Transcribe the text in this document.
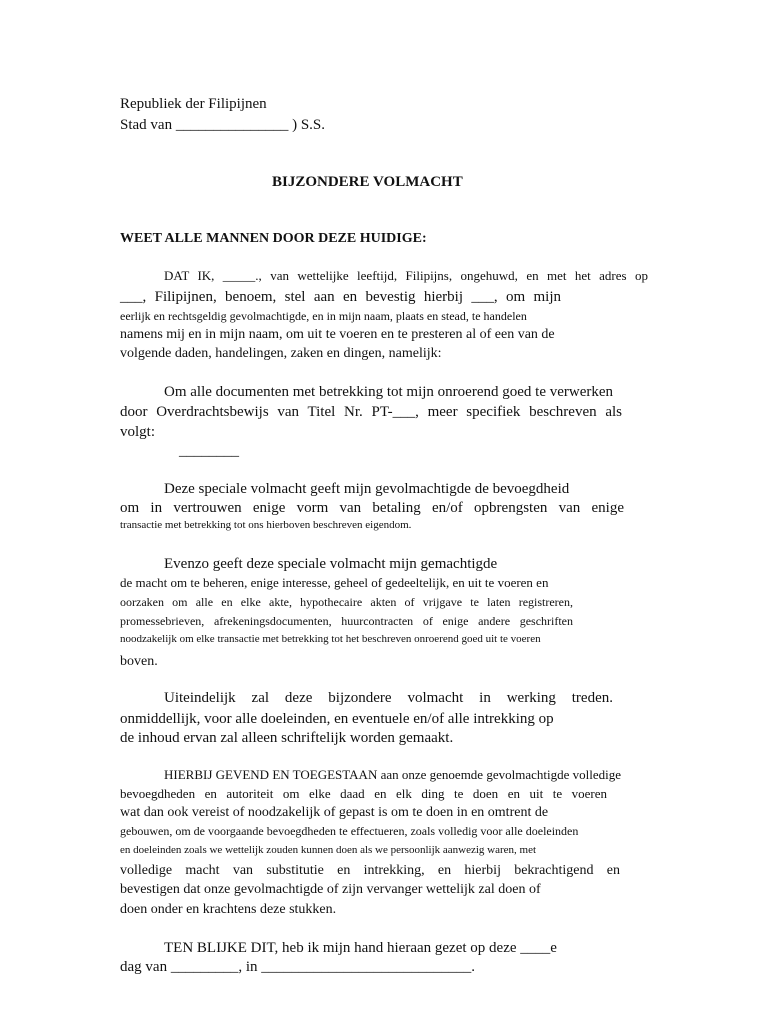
Republiek der Filipijnen
Stad van _______________ ) S.S.
BIJZONDERE VOLMACHT
WEET ALLE MANNEN DOOR DEZE HUIDIGE:
DAT IK, _____., van wettelijke leeftijd, Filipijns, ongehuwd, en met het adres op
___, Filipijnen, benoem, stel aan en bevestig hierbij ___, om mijn
eerlijk en rechtsgeldig gevolmachtigde, en in mijn naam, plaats en stead, te handelen
namens mij en in mijn naam, om uit te voeren en te presteren al of een van de
volgende daden, handelingen, zaken en dingen, namelijk:
Om alle documenten met betrekking tot mijn onroerend goed te verwerken
door Overdrachtsbewijs van Titel Nr. PT-___, meer specifiek beschreven als
volgt:
________
Deze speciale volmacht geeft mijn gevolmachtigde de bevoegdheid
om in vertrouwen enige vorm van betaling en/of opbrengsten van enige
transactie met betrekking tot ons hierboven beschreven eigendom.
Evenzo geeft deze speciale volmacht mijn gemachtigde
de macht om te beheren, enige interesse, geheel of gedeeltelijk, en uit te voeren en
oorzaken om alle en elke akte, hypothecaire akten of vrijgave te laten registreren,
promessebrieven, afrekeningsdocumenten, huurcontracten of enige andere geschriften
noodzakelijk om elke transactie met betrekking tot het beschreven onroerend goed uit te voeren
boven.
Uiteindelijk zal deze bijzondere volmacht in werking treden.
onmiddellijk, voor alle doeleinden, en eventuele en/of alle intrekking op
de inhoud ervan zal alleen schriftelijk worden gemaakt.
HIERBIJ GEVEND EN TOEGESTAAN aan onze genoemde gevolmachtigde volledige
bevoegdheden en autoriteit om elke daad en elk ding te doen en uit te voeren
wat dan ook vereist of noodzakelijk of gepast is om te doen in en omtrent de
gebouwen, om de voorgaande bevoegdheden te effectueren, zoals volledig voor alle doeleinden
en doeleinden zoals we wettelijk zouden kunnen doen als we persoonlijk aanwezig waren, met
volledige macht van substitutie en intrekking, en hierbij bekrachtigend en
bevestigen dat onze gevolmachtigde of zijn vervanger wettelijk zal doen of
doen onder en krachtens deze stukken.
TEN BLIJKE DIT, heb ik mijn hand hieraan gezet op deze ____e
dag van _________, in ____________________________.
